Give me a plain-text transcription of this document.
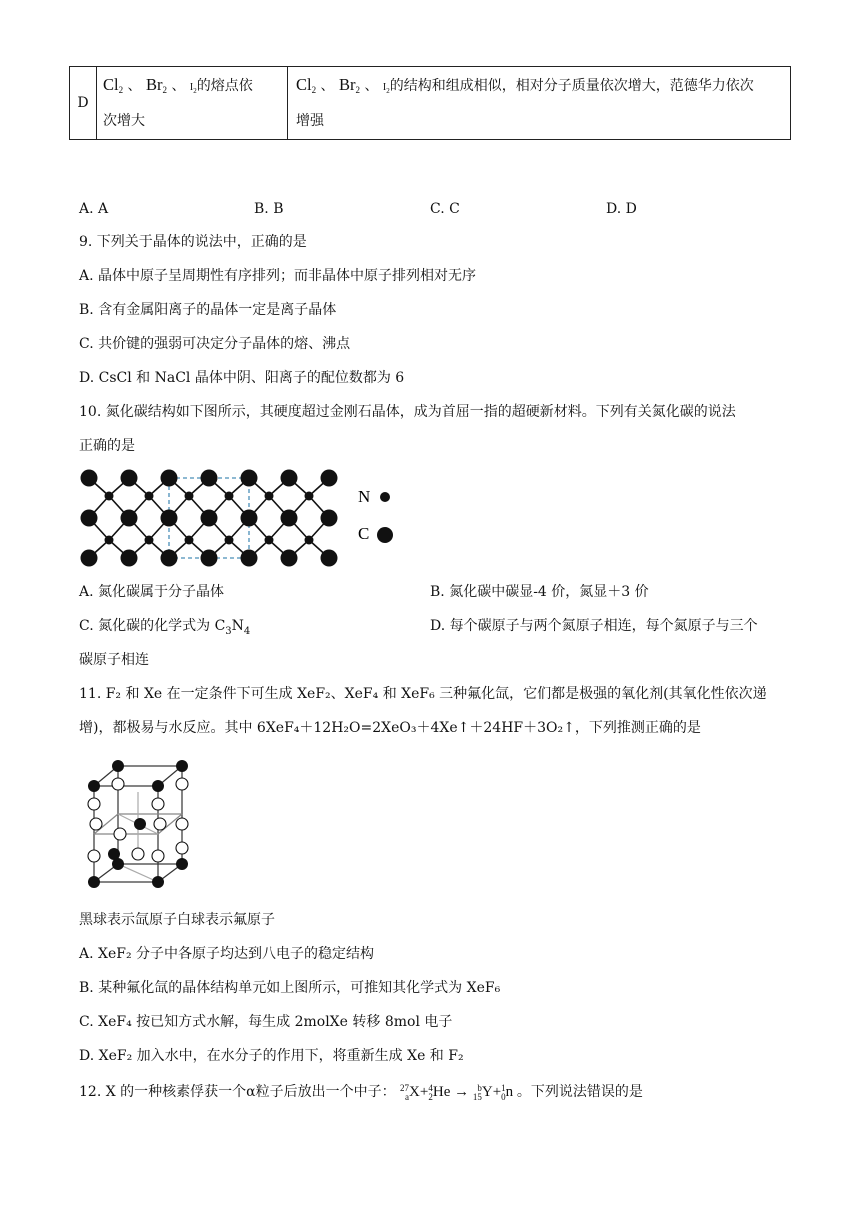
D	
$Cl_2$ 、 $Br_2$ 、 $I_2$的熔点依
次增大

$Cl_2$ 、 $Br_2$ 、 $I_2$的结构和组成相似，相对分子质量依次增大，范德华力依次
增强
A. A	B. B	C. C	D. D
9. 下列关于晶体的说法中，正确的是
A. 晶体中原子呈周期性有序排列；而非晶体中原子排列相对无序
B. 含有金属阳离子的晶体一定是离子晶体
C. 共价键的强弱可决定分子晶体的熔、沸点
D. CsCl 和 NaCl 晶体中阴、阳离子的配位数都为 6
10. 氮化碳结构如下图所示，其硬度超过金刚石晶体，成为首屈一指的超硬新材料。下列有关氮化碳的说法
正确的是
N
C
A. 氮化碳属于分子晶体	B. 氮化碳中碳显-4 价，氮显＋3 价
C. 氮化碳的化学式为 $C_3N_4$	D. 每个碳原子与两个氮原子相连，每个氮原子与三个
碳原子相连
11. F₂ 和 Xe 在一定条件下可生成 XeF₂、XeF₄ 和 XeF₆ 三种氟化氙，它们都是极强的氧化剂(其氧化性依次递
增)，都极易与水反应。其中 6XeF₄＋12H₂O=2XeO₃＋4Xe↑＋24HF＋3O₂↑，下列推测正确的是
黑球表示氙原子白球表示氟原子
A. XeF₂ 分子中各原子均达到八电子的稳定结构
B. 某种氟化氙的晶体结构单元如上图所示，可推知其化学式为 XeF₆
C. XeF₄ 按已知方式水解，每生成 2molXe 转移 8mol 电子
D. XeF₂ 加入水中，在水分子的作用下，将重新生成 Xe 和 F₂
12. X 的一种核素俘获一个α粒子后放出一个中子： 27
aX+4
2He → b
15Y+1
0n 。下列说法错误的是
